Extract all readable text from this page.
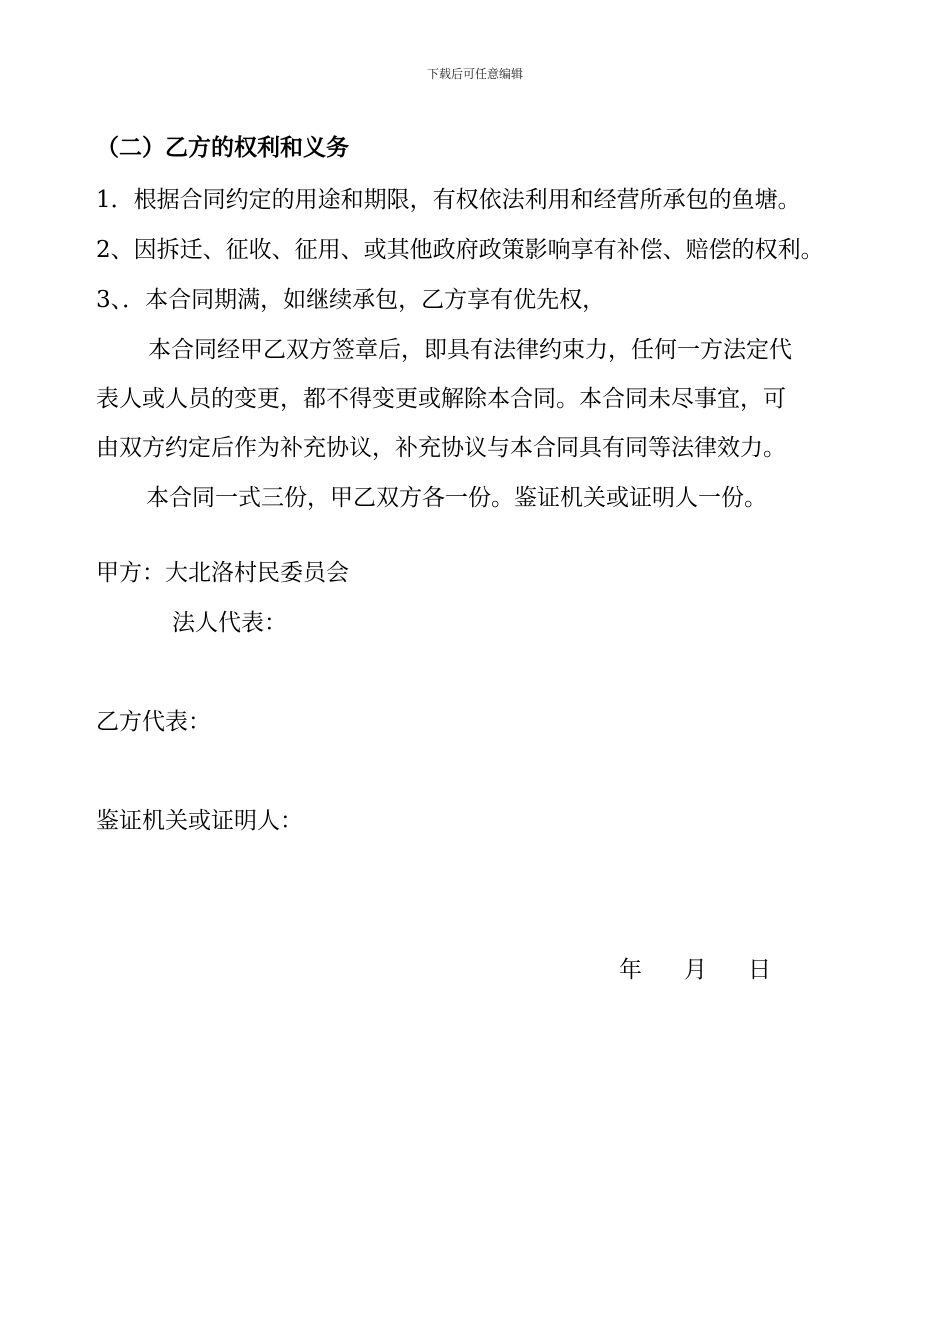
下载后可任意编辑
（二）乙方的权利和义务
1．根据合同约定的用途和期限，有权依法利用和经营所承包的鱼塘。
2、因拆迁、征收、征用、或其他政府政策影响享有补偿、赔偿的权利。
3、．本合同期满，如继续承包，乙方享有优先权，
本合同经甲乙双方签章后，即具有法律约束力，任何一方法定代
表人或人员的变更，都不得变更或解除本合同。本合同未尽事宜，可
由双方约定后作为补充协议，补充协议与本合同具有同等法律效力。
本合同一式三份，甲乙双方各一份。鉴证机关或证明人一份。
甲方：大北洛村民委员会
法人代表：
乙方代表：
鉴证机关或证明人：
年 月 日
